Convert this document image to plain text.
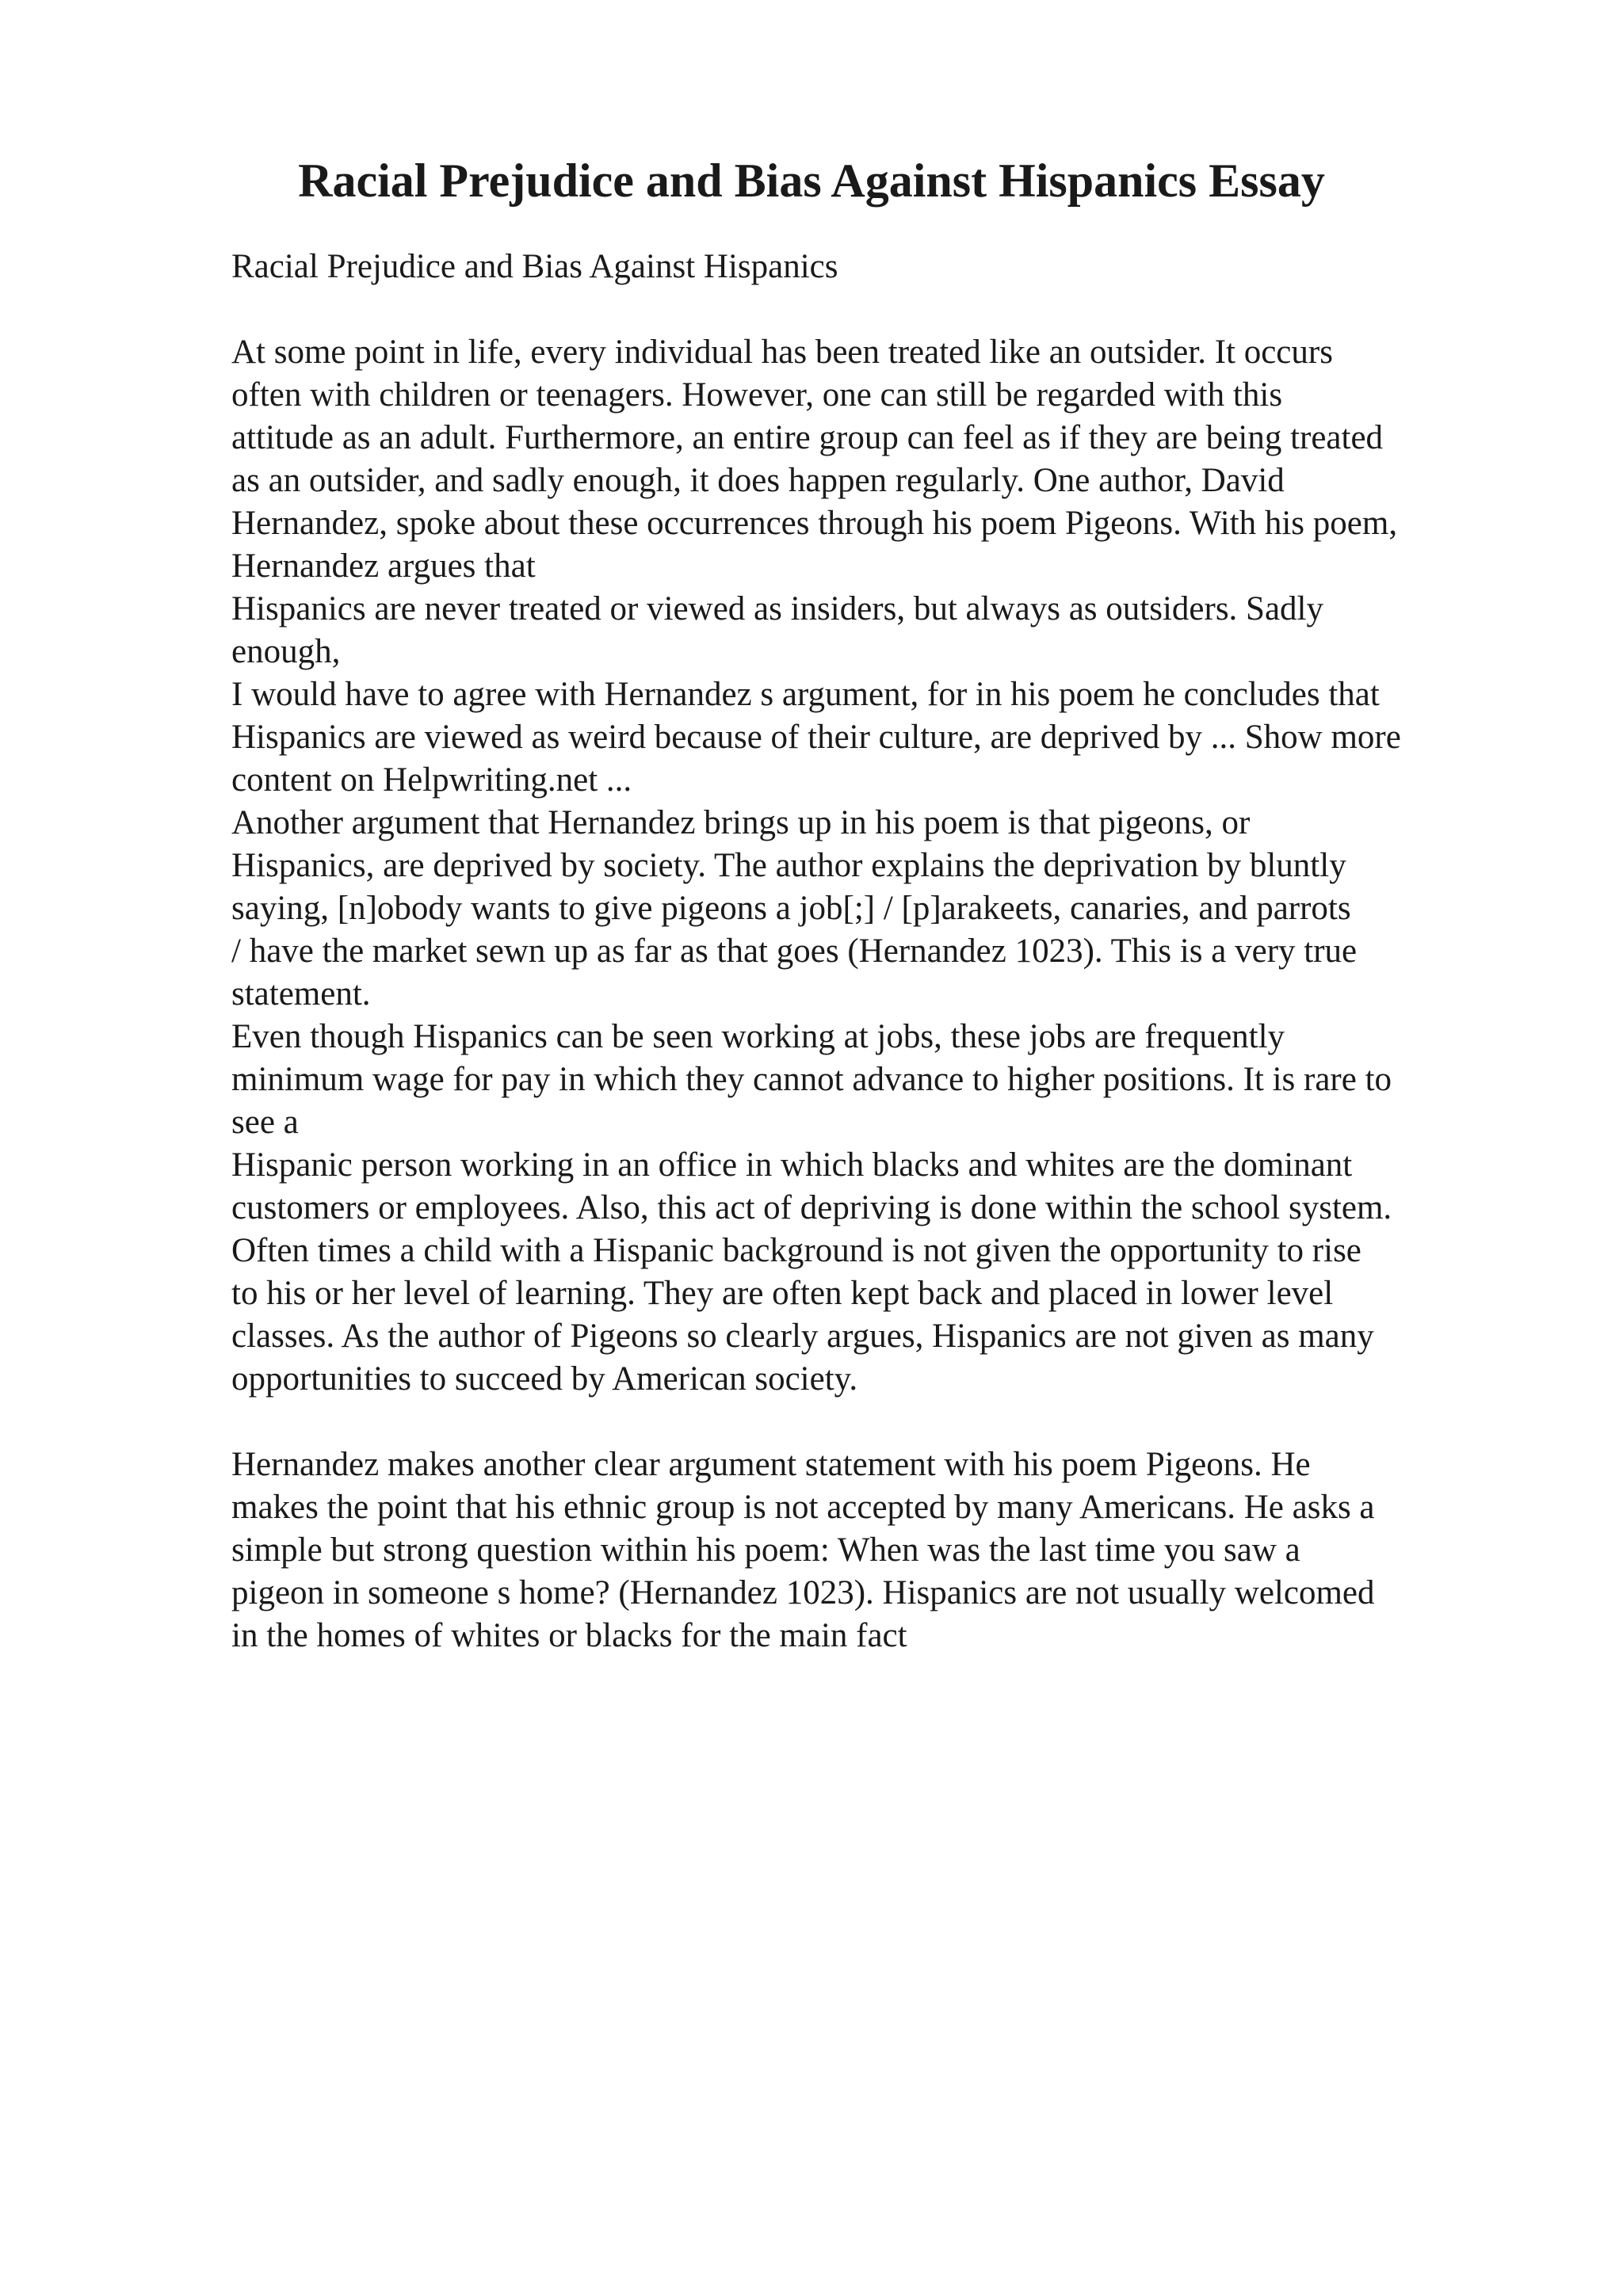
Racial Prejudice and Bias Against Hispanics Essay
Racial Prejudice and Bias Against Hispanics
At some point in life, every individual has been treated like an outsider. It occurs
often with children or teenagers. However, one can still be regarded with this
attitude as an adult. Furthermore, an entire group can feel as if they are being treated
as an outsider, and sadly enough, it does happen regularly. One author, David
Hernandez, spoke about these occurrences through his poem Pigeons. With his poem,
Hernandez argues that
Hispanics are never treated or viewed as insiders, but always as outsiders. Sadly
enough,
I would have to agree with Hernandez s argument, for in his poem he concludes that
Hispanics are viewed as weird because of their culture, are deprived by ... Show more
content on Helpwriting.net ...
Another argument that Hernandez brings up in his poem is that pigeons, or
Hispanics, are deprived by society. The author explains the deprivation by bluntly
saying, [n]obody wants to give pigeons a job[;] / [p]arakeets, canaries, and parrots
/ have the market sewn up as far as that goes (Hernandez 1023). This is a very true
statement.
Even though Hispanics can be seen working at jobs, these jobs are frequently
minimum wage for pay in which they cannot advance to higher positions. It is rare to
see a
Hispanic person working in an office in which blacks and whites are the dominant
customers or employees. Also, this act of depriving is done within the school system.
Often times a child with a Hispanic background is not given the opportunity to rise
to his or her level of learning. They are often kept back and placed in lower level
classes. As the author of Pigeons so clearly argues, Hispanics are not given as many
opportunities to succeed by American society.
Hernandez makes another clear argument statement with his poem Pigeons. He
makes the point that his ethnic group is not accepted by many Americans. He asks a
simple but strong question within his poem: When was the last time you saw a
pigeon in someone s home? (Hernandez 1023). Hispanics are not usually welcomed
in the homes of whites or blacks for the main fact
